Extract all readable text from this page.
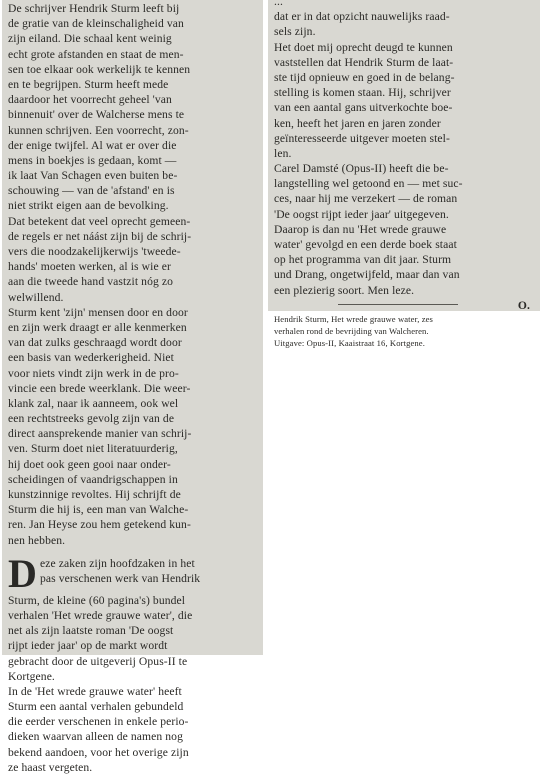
De schrijver Hendrik Sturm leeft bij
de gratie van de kleinschaligheid van
zijn eiland. Die schaal kent weinig
echt grote afstanden en staat de men-
sen toe elkaar ook werkelijk te kennen
en te begrijpen. Sturm heeft mede
daardoor het voorrecht geheel 'van
binnenuit' over de Walcherse mens te
kunnen schrijven. Een voorrecht, zon-
der enige twijfel. Al wat er over die
mens in boekjes is gedaan, komt —
ik laat Van Schagen even buiten be-
schouwing — van de 'afstand' en is
niet strikt eigen aan de bevolking.
Dat betekent dat veel oprecht gemeen-
de regels er net náást zijn bij de schrij-
vers die noodzakelijkerwijs 'tweede-
hands' moeten werken, al is wie er
aan die tweede hand vastzit nóg zo
welwillend.
Sturm kent 'zijn' mensen door en door
en zijn werk draagt er alle kenmerken
van dat zulks geschraagd wordt door
een basis van wederkerigheid. Niet
voor niets vindt zijn werk in de pro-
vincie een brede weerklank. Die weer-
klank zal, naar ik aanneem, ook wel
een rechtstreeks gevolg zijn van de
direct aansprekende manier van schrij-
ven. Sturm doet niet literatuurderig,
hij doet ook geen gooi naar onder-
scheidingen of vaandrigschappen in
kunstzinnige revoltes. Hij schrijft de
Sturm die hij is, een man van Walche-
ren. Jan Heyse zou hem getekend kun-
nen hebben.
D eze zaken zijn hoofdzaken in het
pas verschenen werk van Hendrik
Sturm, de kleine (60 pagina's) bundel
verhalen 'Het wrede grauwe water', die
net als zijn laatste roman 'De oogst
rijpt ieder jaar' op de markt wordt
gebracht door de uitgeverij Opus-II te
Kortgene.
In de 'Het wrede grauwe water' heeft
Sturm een aantal verhalen gebundeld
die eerder verschenen in enkele perio-
dieken waarvan alleen de namen nog
bekend aandoen, voor het overige zijn
ze haast vergeten.
...
dat er in dat opzicht nauwelijks raad-
sels zijn.
Het doet mij oprecht deugd te kunnen
vaststellen dat Hendrik Sturm de laat-
ste tijd opnieuw en goed in de belang-
stelling is komen staan. Hij, schrijver
van een aantal gans uitverkochte boe-
ken, heeft het jaren en jaren zonder
geïnteresseerde uitgever moeten stel-
len.
Carel Damsté (Opus-II) heeft die be-
langstelling wel getoond en — met suc-
ces, naar hij me verzekert — de roman
'De oogst rijpt ieder jaar' uitgegeven.
Daarop is dan nu 'Het wrede grauwe
water' gevolgd en een derde boek staat
op het programma van dit jaar. Sturm
und Drang, ongetwijfeld, maar dan van
een plezierig soort. Men leze.
O.
Hendrik Sturm, Het wrede grauwe water, zes
verhalen rond de bevrijding van Walcheren.
Uitgave: Opus-II, Kaaistraat 16, Kortgene.
